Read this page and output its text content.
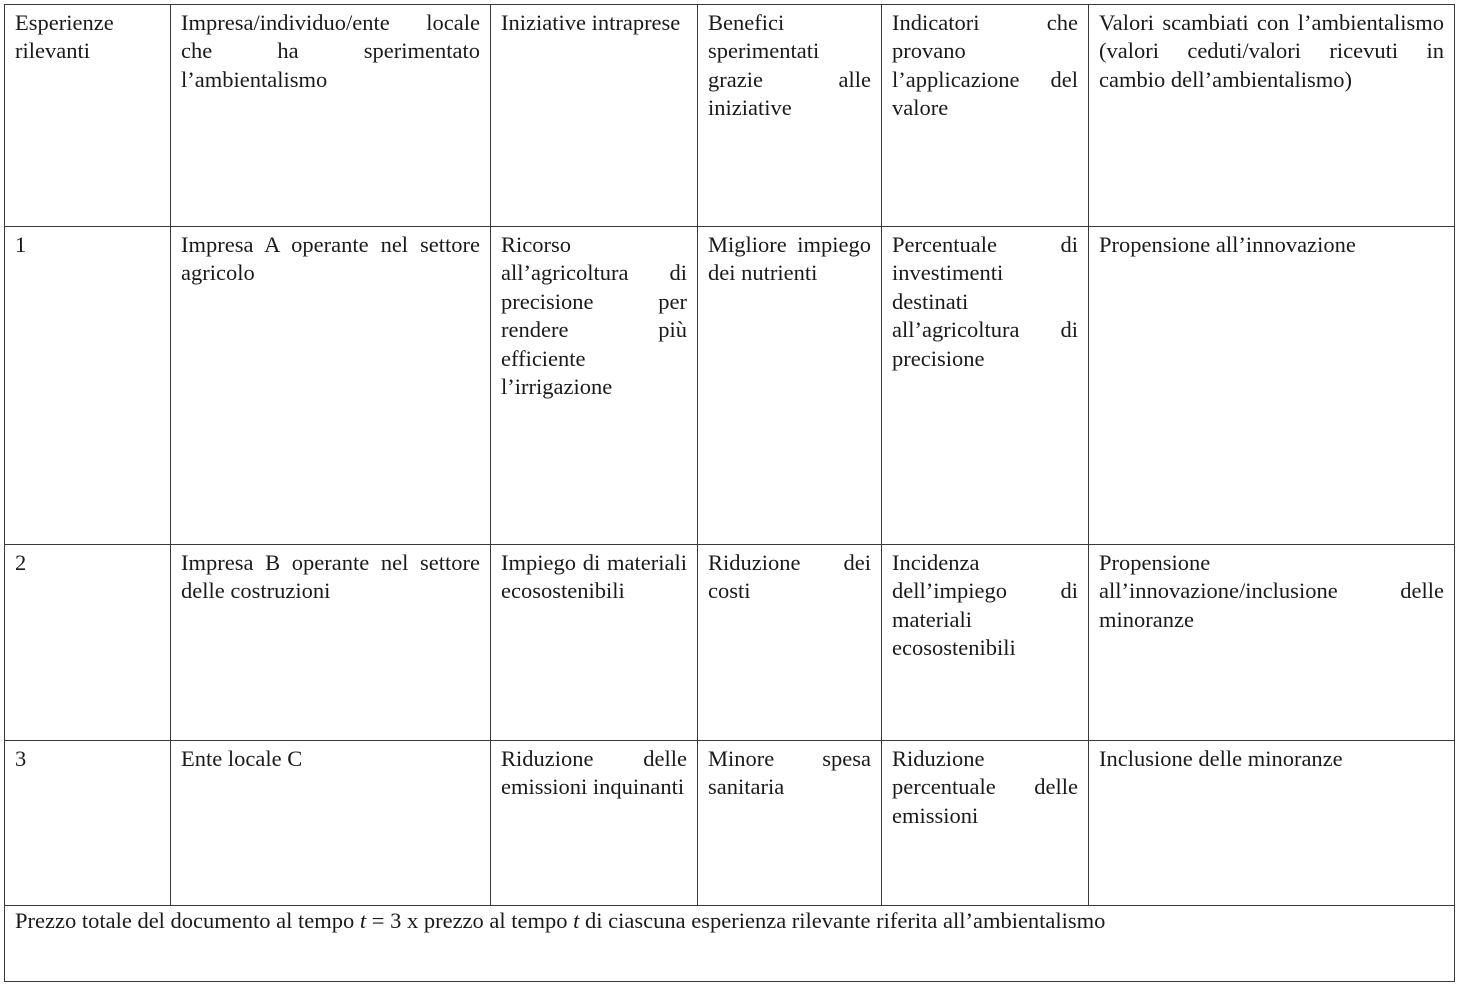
Esperienze rilevanti	Impresa/individuo/ente locale che ha sperimentato l’ambientalismo	Iniziative intraprese	Benefici sperimentati grazie alle iniziative	Indicatori che provano l’applicazione del valore	Valori scambiati con l’ambientalismo (valori ceduti/valori ricevuti in cambio dell’ambientalismo)
1	Impresa A operante nel settore agricolo	Ricorso all’agricoltura di precisione per rendere più efficiente l’irrigazione	Migliore impiego dei nutrienti	Percentuale di investimenti destinati all’agricoltura di precisione	Propensione all’innovazione
2	Impresa B operante nel settore delle costruzioni	Impiego di materiali ecosostenibili	Riduzione dei costi	Incidenza dell’impiego di materiali ecosostenibili	Propensione all’innovazione/inclusione delle minoranze
3	Ente locale C	Riduzione delle emissioni inquinanti	Minore spesa sanitaria	Riduzione percentuale delle emissioni	Inclusione delle minoranze
Prezzo totale del documento al tempo t = 3 x prezzo al tempo t di ciascuna esperienza rilevante riferita all’ambientalismo					
